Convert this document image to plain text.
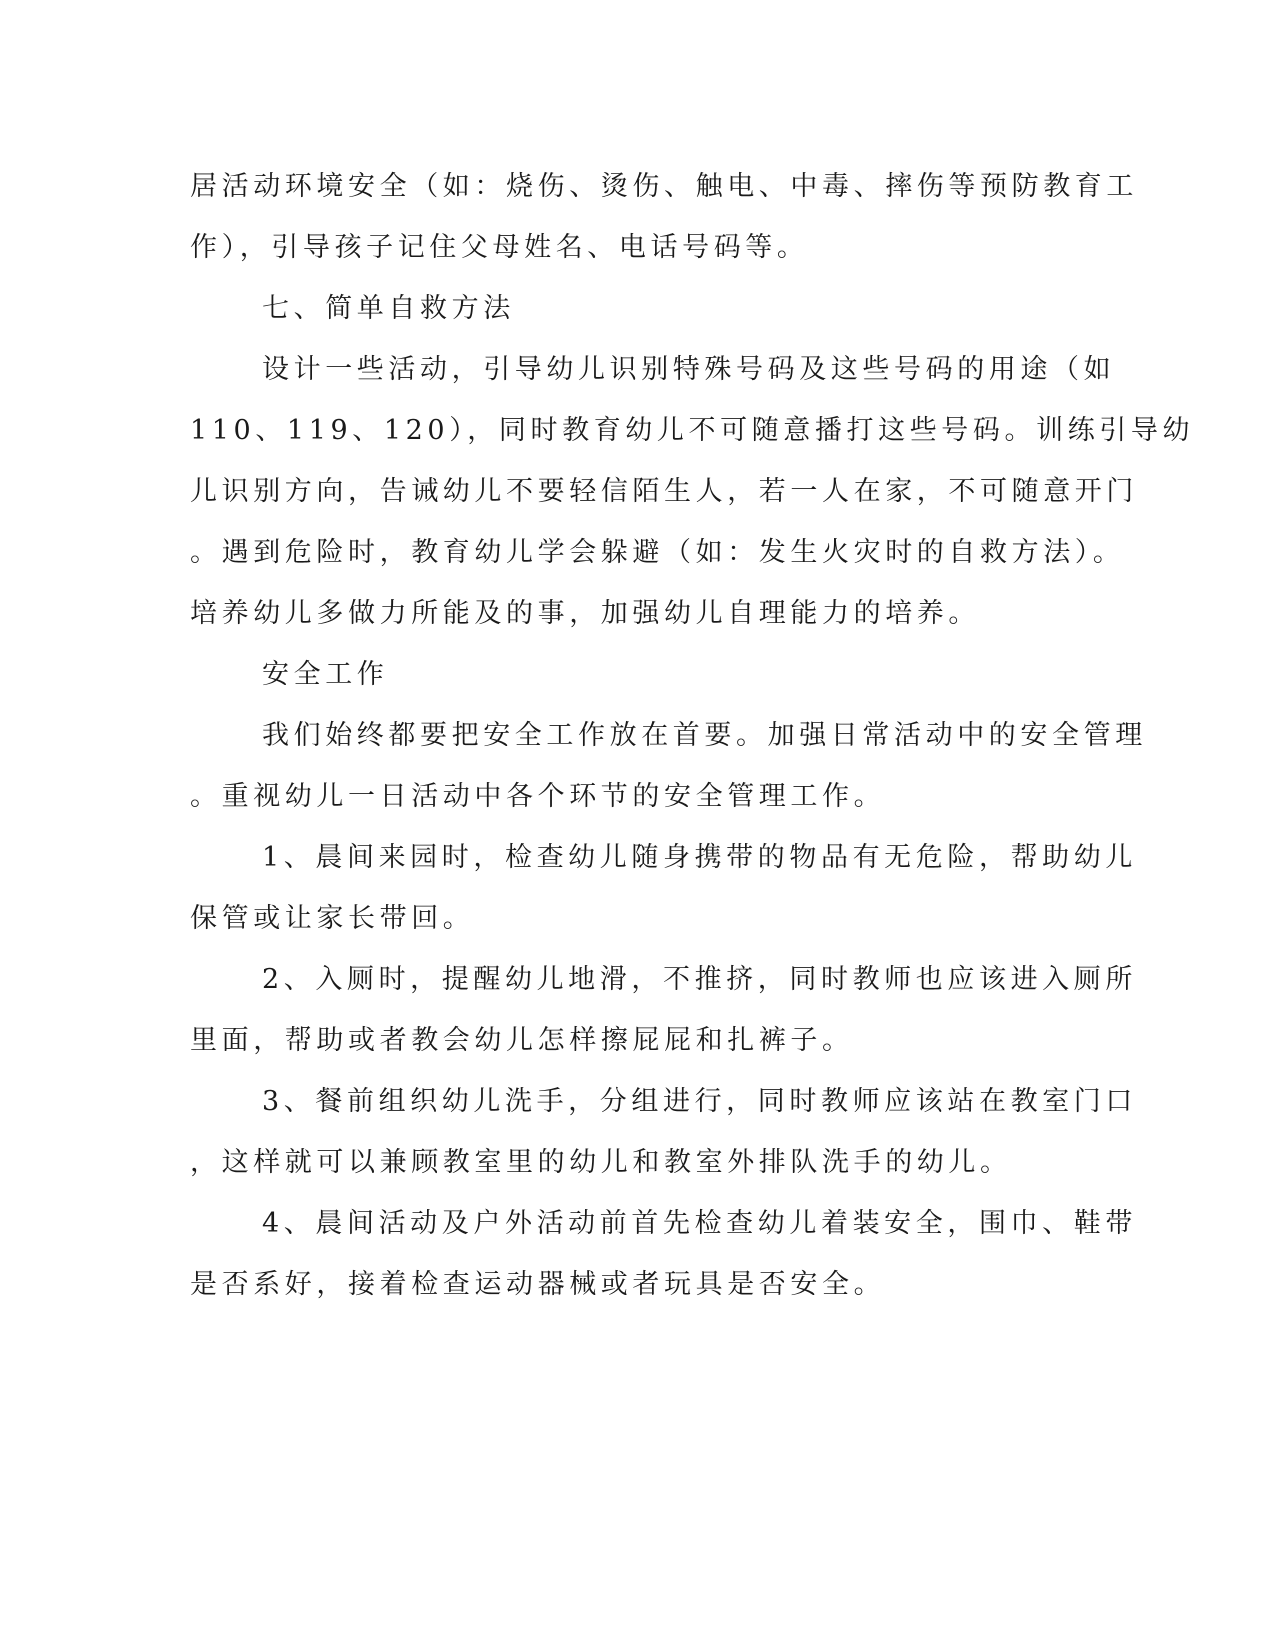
居活动环境安全（如：烧伤、烫伤、触电、中毒、摔伤等预防教育工
作），引导孩子记住父母姓名、电话号码等。
七、简单自救方法
设计一些活动，引导幼儿识别特殊号码及这些号码的用途（如
110、119、120），同时教育幼儿不可随意播打这些号码。训练引导幼
儿识别方向，告诫幼儿不要轻信陌生人，若一人在家，不可随意开门
。遇到危险时，教育幼儿学会躲避（如：发生火灾时的自救方法）。
培养幼儿多做力所能及的事，加强幼儿自理能力的培养。
安全工作
我们始终都要把安全工作放在首要。加强日常活动中的安全管理
。重视幼儿一日活动中各个环节的安全管理工作。
1、晨间来园时，检查幼儿随身携带的物品有无危险，帮助幼儿
保管或让家长带回。
2、入厕时，提醒幼儿地滑，不推挤，同时教师也应该进入厕所
里面，帮助或者教会幼儿怎样擦屁屁和扎裤子。
3、餐前组织幼儿洗手，分组进行，同时教师应该站在教室门口
，这样就可以兼顾教室里的幼儿和教室外排队洗手的幼儿。
4、晨间活动及户外活动前首先检查幼儿着装安全，围巾、鞋带
是否系好，接着检查运动器械或者玩具是否安全。
